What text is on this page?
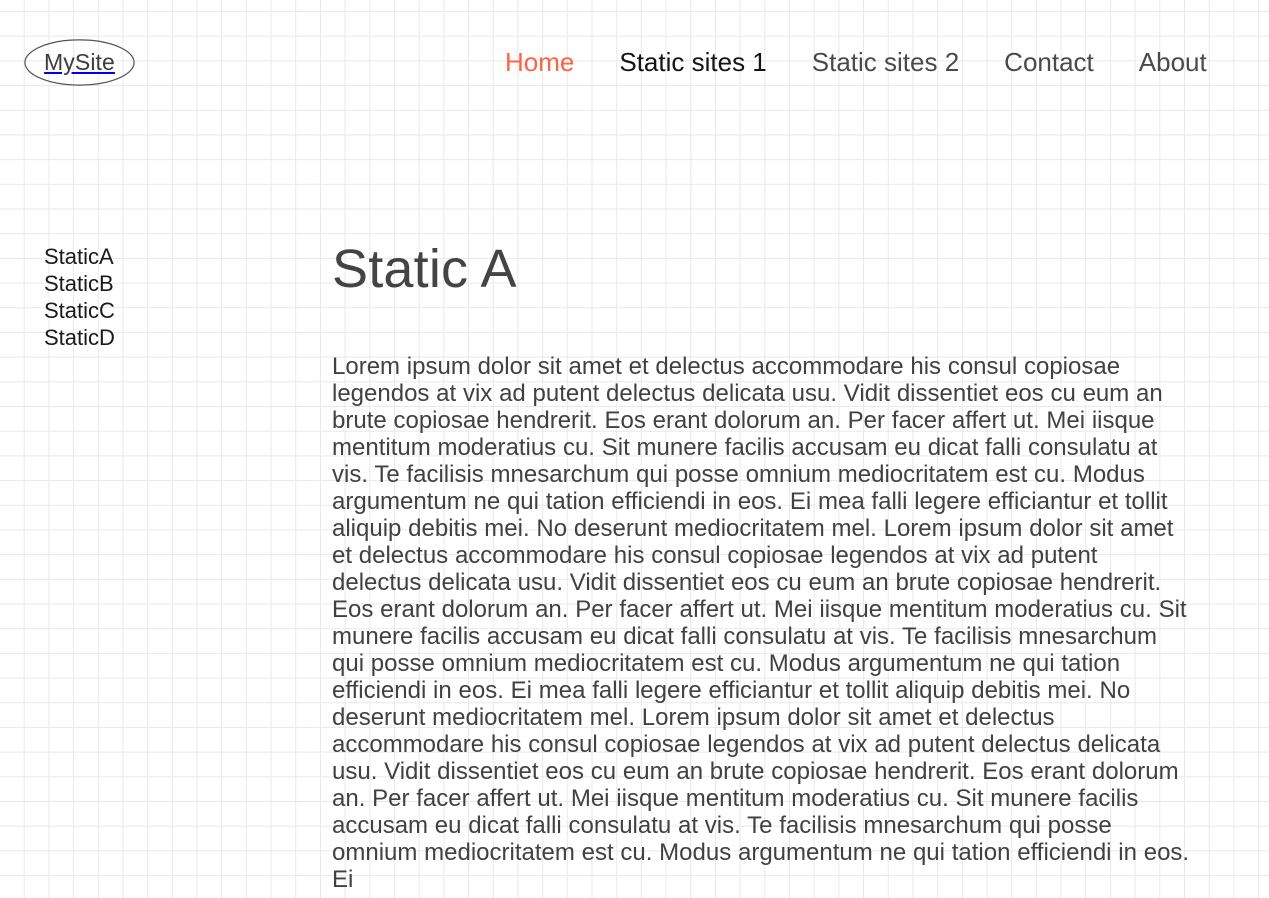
MySite	Home Static sites 1 Static sites 2 Contact About
StaticA
StaticB
StaticC
StaticD
Static A

Lorem ipsum dolor sit amet et delectus accommodare his consul copiosae legendos at vix ad putent delectus delicata usu. Vidit dissentiet eos cu eum an brute copiosae hendrerit. Eos erant dolorum an. Per facer affert ut. Mei iisque mentitum moderatius cu. Sit munere facilis accusam eu dicat falli consulatu at vis. Te facilisis mnesarchum qui posse omnium mediocritatem est cu. Modus argumentum ne qui tation efficiendi in eos. Ei mea falli legere efficiantur et tollit aliquip debitis mei. No deserunt mediocritatem mel. Lorem ipsum dolor sit amet et delectus accommodare his consul copiosae legendos at vix ad putent delectus delicata usu. Vidit dissentiet eos cu eum an brute copiosae hendrerit. Eos erant dolorum an. Per facer affert ut. Mei iisque mentitum moderatius cu. Sit munere facilis accusam eu dicat falli consulatu at vis. Te facilisis mnesarchum qui posse omnium mediocritatem est cu. Modus argumentum ne qui tation efficiendi in eos. Ei mea falli legere efficiantur et tollit aliquip debitis mei. No deserunt mediocritatem mel. Lorem ipsum dolor sit amet et delectus accommodare his consul copiosae legendos at vix ad putent delectus delicata usu. Vidit dissentiet eos cu eum an brute copiosae hendrerit. Eos erant dolorum an. Per facer affert ut. Mei iisque mentitum moderatius cu. Sit munere facilis accusam eu dicat falli consulatu at vis. Te facilisis mnesarchum qui posse omnium mediocritatem est cu. Modus argumentum ne qui tation efficiendi in eos. Ei
